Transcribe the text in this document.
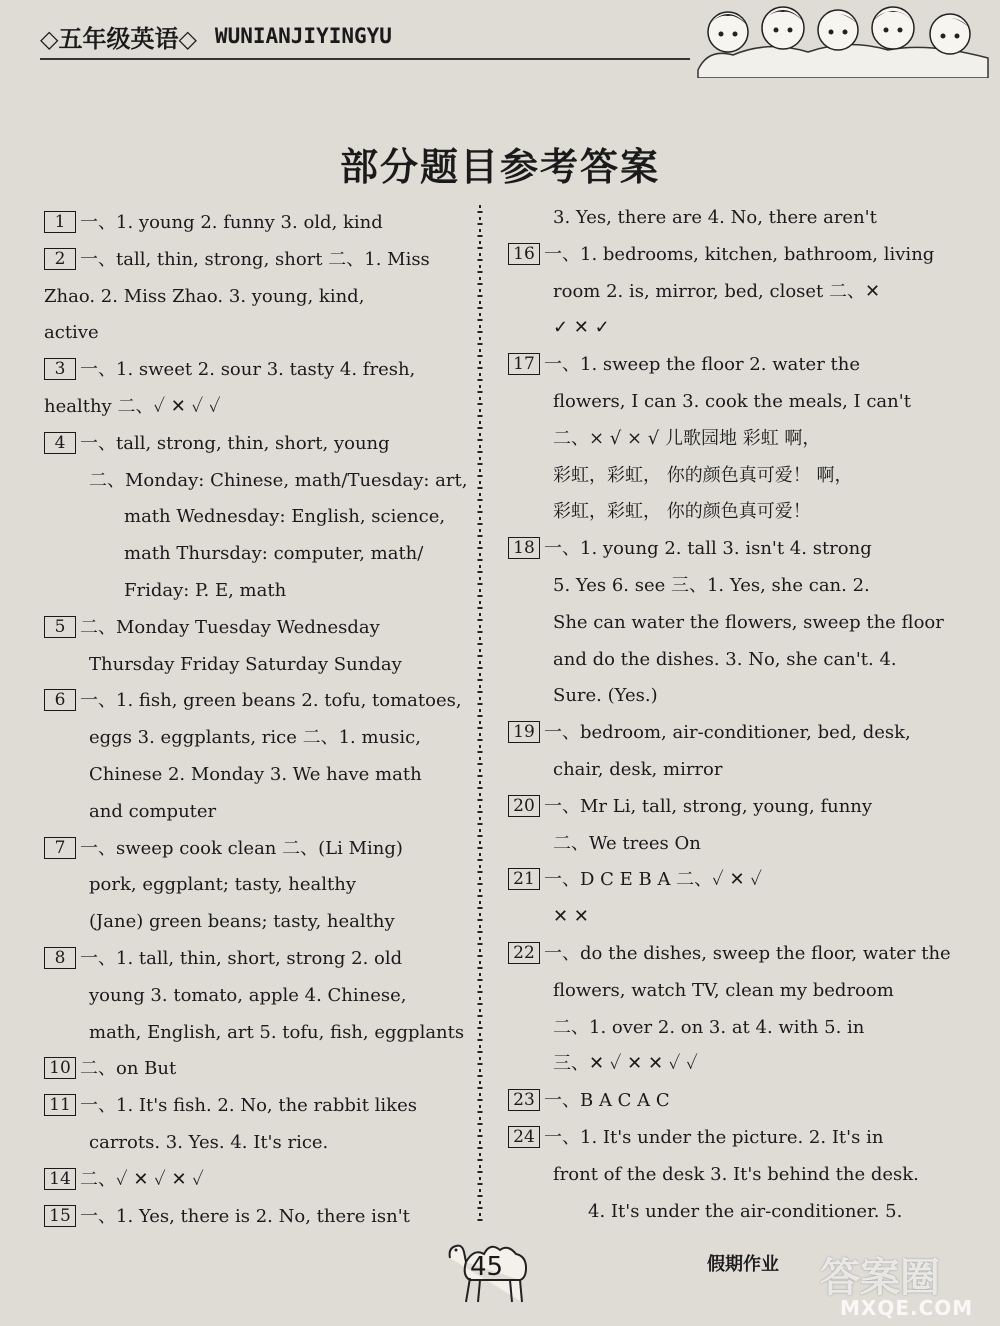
◇五年级英语◇ WUNIANJIYINGYU
部分题目参考答案
1 一、1. young 2. funny 3. old, kind
2 一、tall, thin, strong, short 二、1. Miss
Zhao. 2. Miss Zhao. 3. young, kind,
active
3 一、1. sweet 2. sour 3. tasty 4. fresh,
healthy 二、✓ ✕ ✓ ✓
4 一、tall, strong, thin, short, young
二、Monday: Chinese, math/Tuesday: art,
math Wednesday: English, science,
math Thursday: computer, math/
Friday: P. E, math
5 二、Monday Tuesday Wednesday
Thursday Friday Saturday Sunday
6 一、1. fish, green beans 2. tofu, tomatoes,
eggs 3. eggplants, rice 二、1. music,
Chinese 2. Monday 3. We have math
and computer
7 一、sweep cook clean 二、(Li Ming)
pork, eggplant; tasty, healthy
(Jane) green beans; tasty, healthy
8 一、1. tall, thin, short, strong 2. old
young 3. tomato, apple 4. Chinese,
math, English, art 5. tofu, fish, eggplants
10 二、on But
11 一、1. It's fish. 2. No, the rabbit likes
carrots. 3. Yes. 4. It's rice.
14 二、✓ ✕ ✓ ✕ ✓
15 一、1. Yes, there is 2. No, there isn't
3. Yes, there are 4. No, there aren't
16 一、1. bedrooms, kitchen, bathroom, living
room 2. is, mirror, bed, closet 二、✕
✓ ✕ ✓
17 一、1. sweep the floor 2. water the
flowers, I can 3. cook the meals, I can't
二、× √ × √ 儿歌园地 彩虹 啊，
彩虹，彩虹， 你的颜色真可爱！ 啊，
彩虹，彩虹， 你的颜色真可爱！
18 一、1. young 2. tall 3. isn't 4. strong
5. Yes 6. see 三、1. Yes, she can. 2.
She can water the flowers, sweep the floor
and do the dishes. 3. No, she can't. 4.
Sure. (Yes.)
19 一、bedroom, air-conditioner, bed, desk,
chair, desk, mirror
20 一、Mr Li, tall, strong, young, funny
二、We trees On
21 一、D C E B A 二、✓ ✕ ✓
✕ ✕
22 一、do the dishes, sweep the floor, water the
flowers, watch TV, clean my bedroom
二、1. over 2. on 3. at 4. with 5. in
三、✕ ✓ ✕ ✕ ✓ ✓
23 一、B A C A C
24 一、1. It's under the picture. 2. It's in
front of the desk 3. It's behind the desk.
4. It's under the air-conditioner. 5.
45	假期作业 答案圈
MXQE.COM
